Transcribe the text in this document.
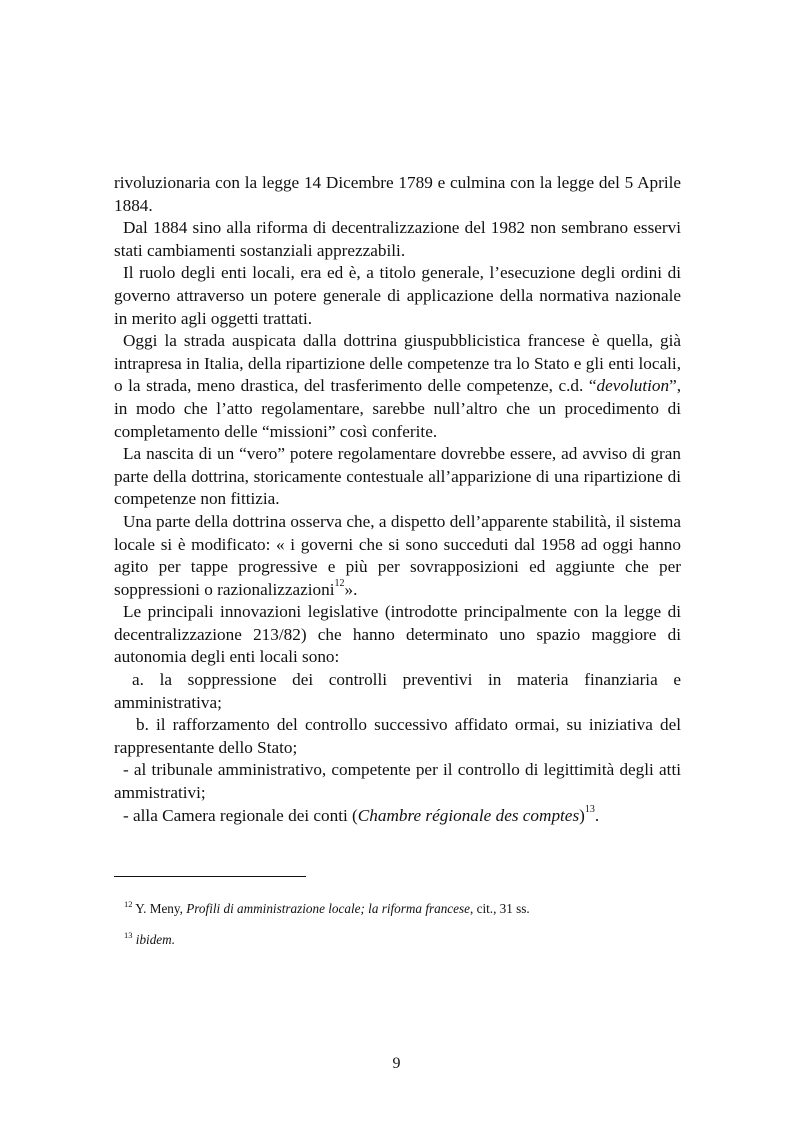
rivoluzionaria con la legge 14 Dicembre 1789 e culmina con la legge del 5 Aprile 1884.

Dal 1884 sino alla riforma di decentralizzazione del 1982 non sembrano esservi stati cambiamenti sostanziali apprezzabili.

Il ruolo degli enti locali, era ed è, a titolo generale, l’esecuzione degli ordini di governo attraverso un potere generale di applicazione della normativa nazionale in merito agli oggetti trattati.

Oggi la strada auspicata dalla dottrina giuspubblicistica francese è quella, già intrapresa in Italia, della ripartizione delle competenze tra lo Stato e gli enti locali, o la strada, meno drastica, del trasferimento delle competenze, c.d. “devolution”, in modo che l’atto regolamentare, sarebbe null’altro che un procedimento di completamento delle “missioni” così conferite.

La nascita di un “vero” potere regolamentare dovrebbe essere, ad avviso di gran parte della dottrina, storicamente contestuale all’apparizione di una ripartizione di competenze non fittizia.

Una parte della dottrina osserva che, a dispetto dell’apparente stabilità, il sistema locale si è modificato: « i governi che si sono succeduti dal 1958 ad oggi hanno agito per tappe progressive e più per sovrapposizioni ed aggiunte che per soppressioni o razionalizzazioni$^{12}$».

Le principali innovazioni legislative (introdotte principalmente con la legge di decentralizzazione 213/82) che hanno determinato uno spazio maggiore di autonomia degli enti locali sono:

a. la soppressione dei controlli preventivi in materia finanziaria e amministrativa;

b. il rafforzamento del controllo successivo affidato ormai, su iniziativa del rappresentante dello Stato;

- al tribunale amministrativo, competente per il controllo di legittimità degli atti ammistrativi;

- alla Camera regionale dei conti (Chambre régionale des comptes)$^{13}$.

$^{12}$ Y. Meny, Profili di amministrazione locale; la riforma francese, cit., 31 ss.

$^{13}$ ibidem.

9
